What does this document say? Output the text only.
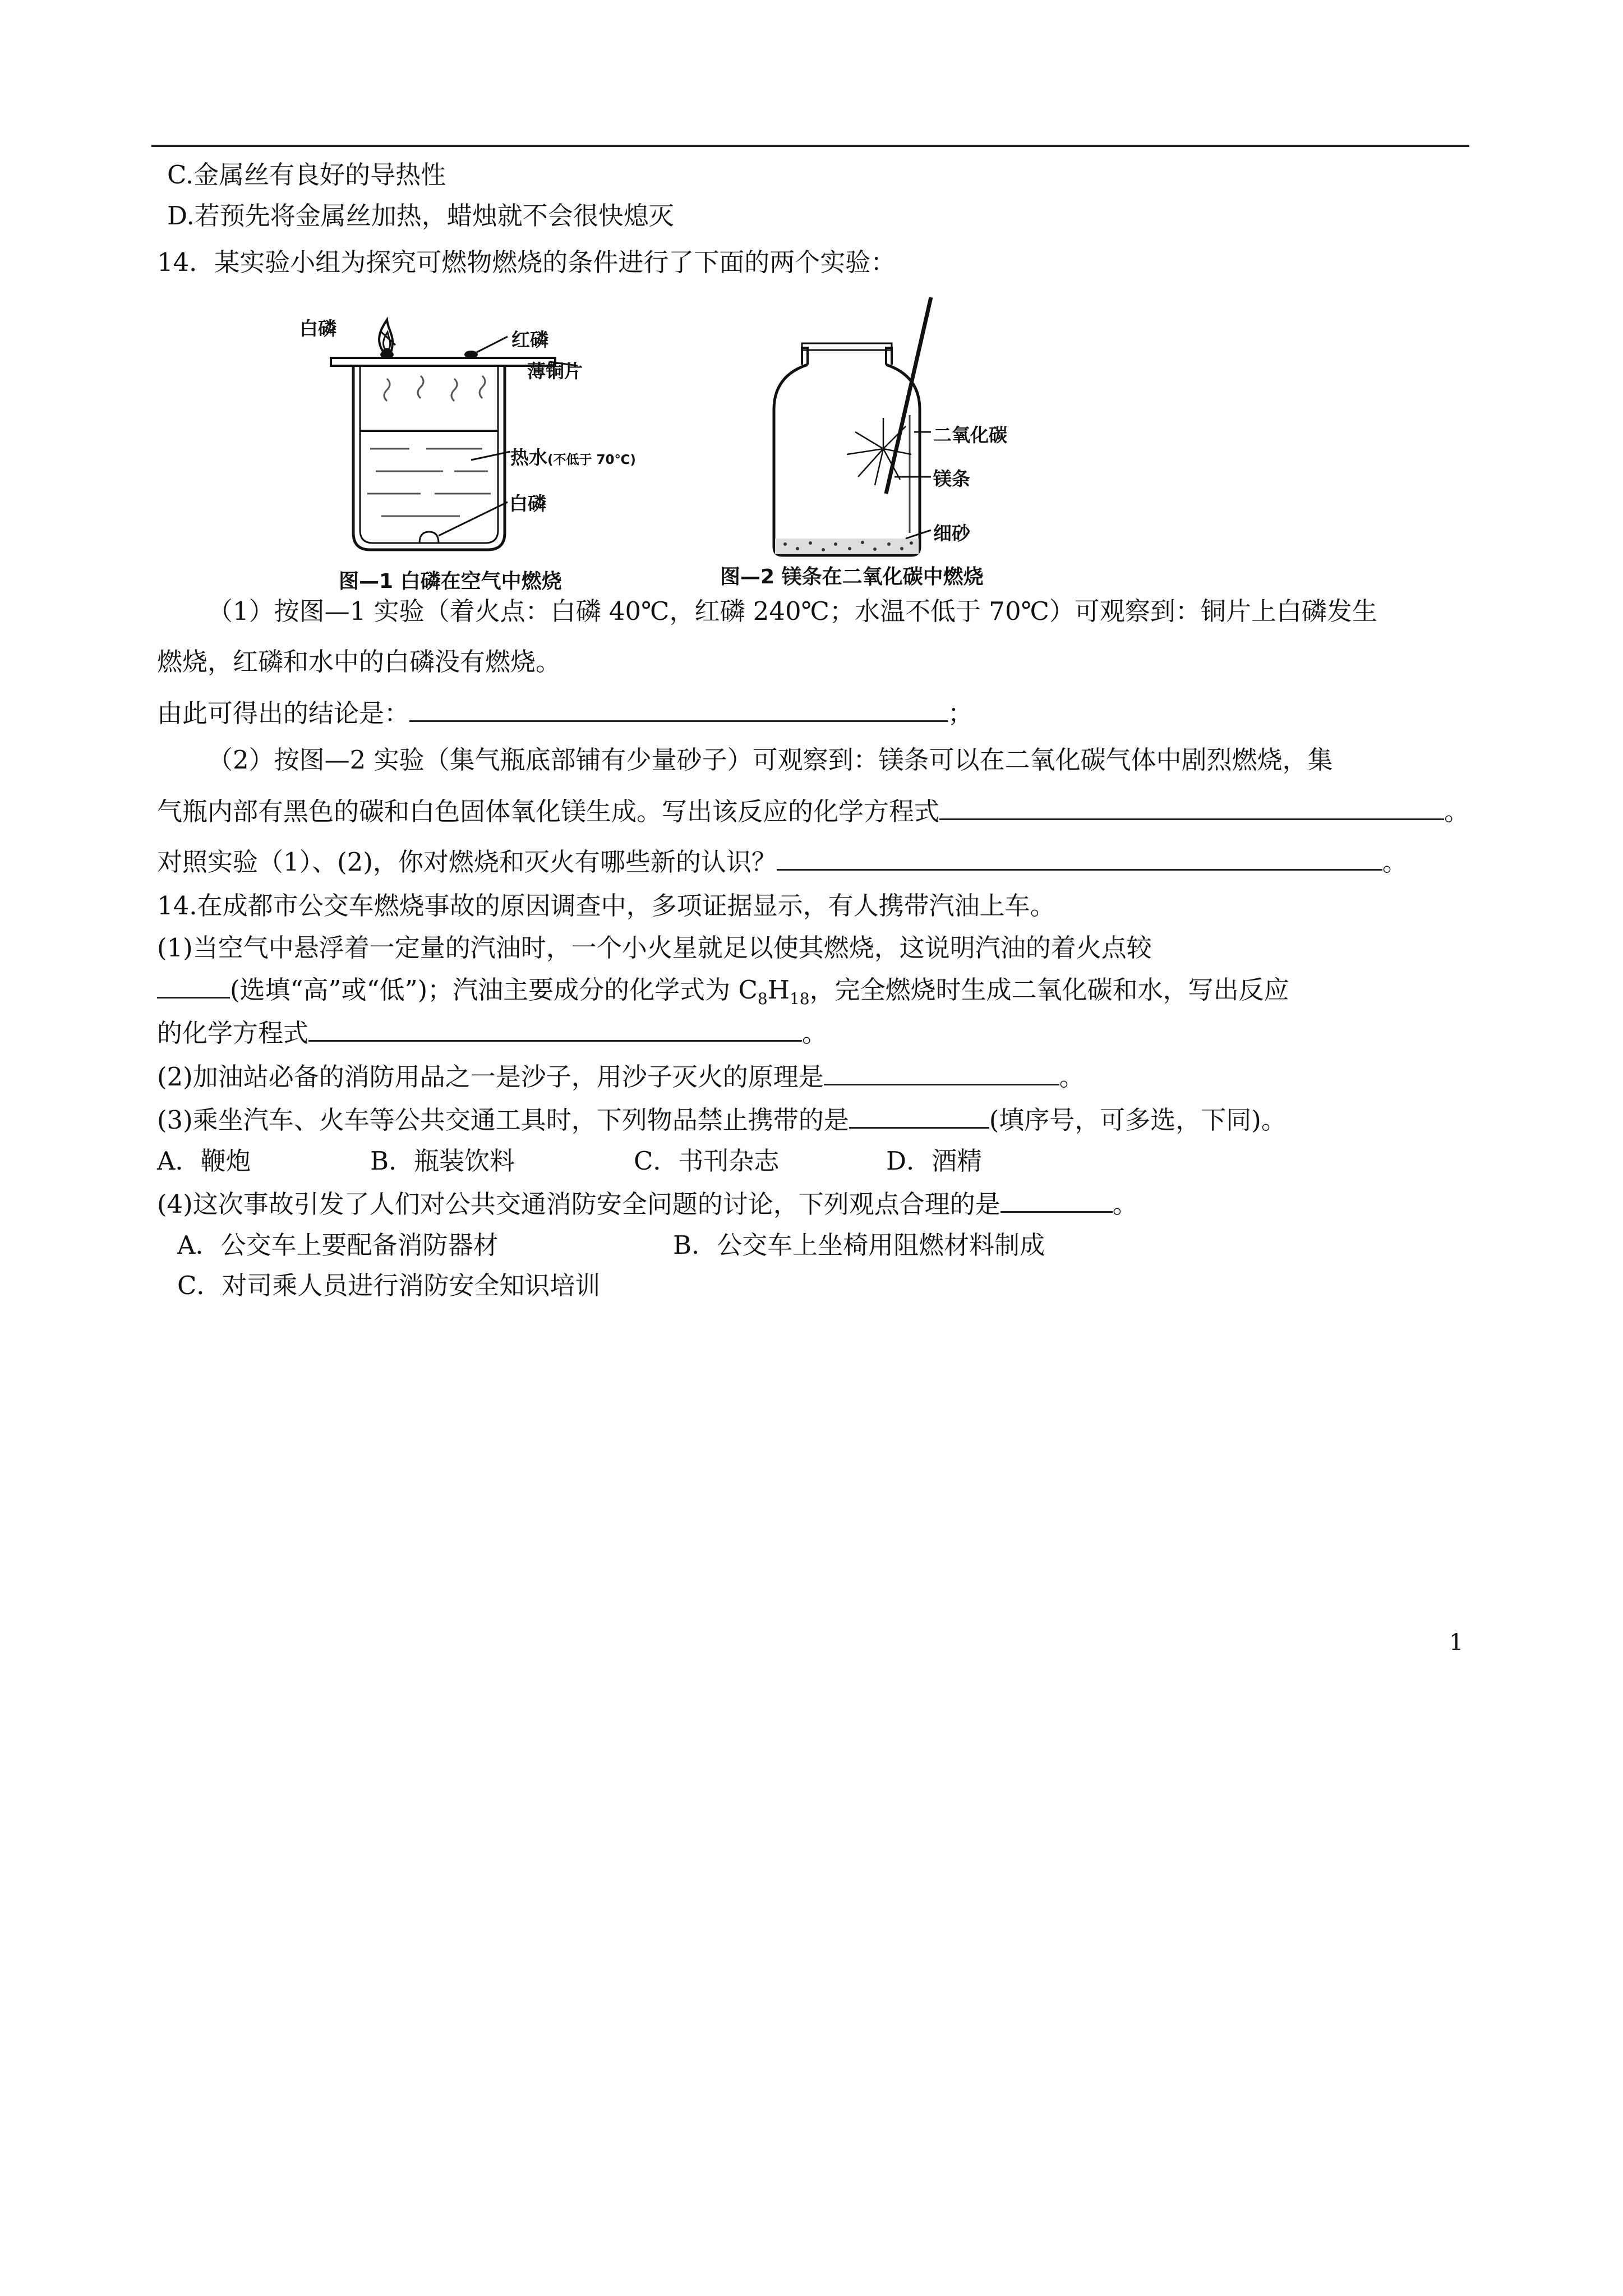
C.金属丝有良好的导热性
D.若预先将金属丝加热，蜡烛就不会很快熄灭
14．某实验小组为探究可燃物燃烧的条件进行了下面的两个实验：
白磷
红磷
薄铜片
热水(不低于 70℃)
白磷
图—1 白磷在空气中燃烧
二氧化碳
镁条
细砂
图—2 镁条在二氧化碳中燃烧
（1）按图—1 实验（着火点：白磷 40℃，红磷 240℃；水温不低于 70℃）可观察到：铜片上白磷发生
燃烧，红磷和水中的白磷没有燃烧。
由此可得出的结论是：	；
（2）按图—2 实验（集气瓶底部铺有少量砂子）可观察到：镁条可以在二氧化碳气体中剧烈燃烧，集
气瓶内部有黑色的碳和白色固体氧化镁生成。写出该反应的化学方程式	。
对照实验（1）、(2)，你对燃烧和灭火有哪些新的认识？	。
14.在成都市公交车燃烧事故的原因调查中，多项证据显示，有人携带汽油上车。
(1)当空气中悬浮着一定量的汽油时，一个小火星就足以使其燃烧，这说明汽油的着火点较
(选填“高”或“低”)；汽油主要成分的化学式为 $C_8H_{18}$，完全燃烧时生成二氧化碳和水，写出反应
的化学方程式	。
(2)加油站必备的消防用品之一是沙子，用沙子灭火的原理是	。
(3)乘坐汽车、火车等公共交通工具时，下列物品禁止携带的是	(填序号，可多选，下同)。
A．鞭炮	B．瓶装饮料	C．书刊杂志	D．酒精
(4)这次事故引发了人们对公共交通消防安全问题的讨论，下列观点合理的是	。
A．公交车上要配备消防器材	B．公交车上坐椅用阻燃材料制成
C．对司乘人员进行消防安全知识培训
1
